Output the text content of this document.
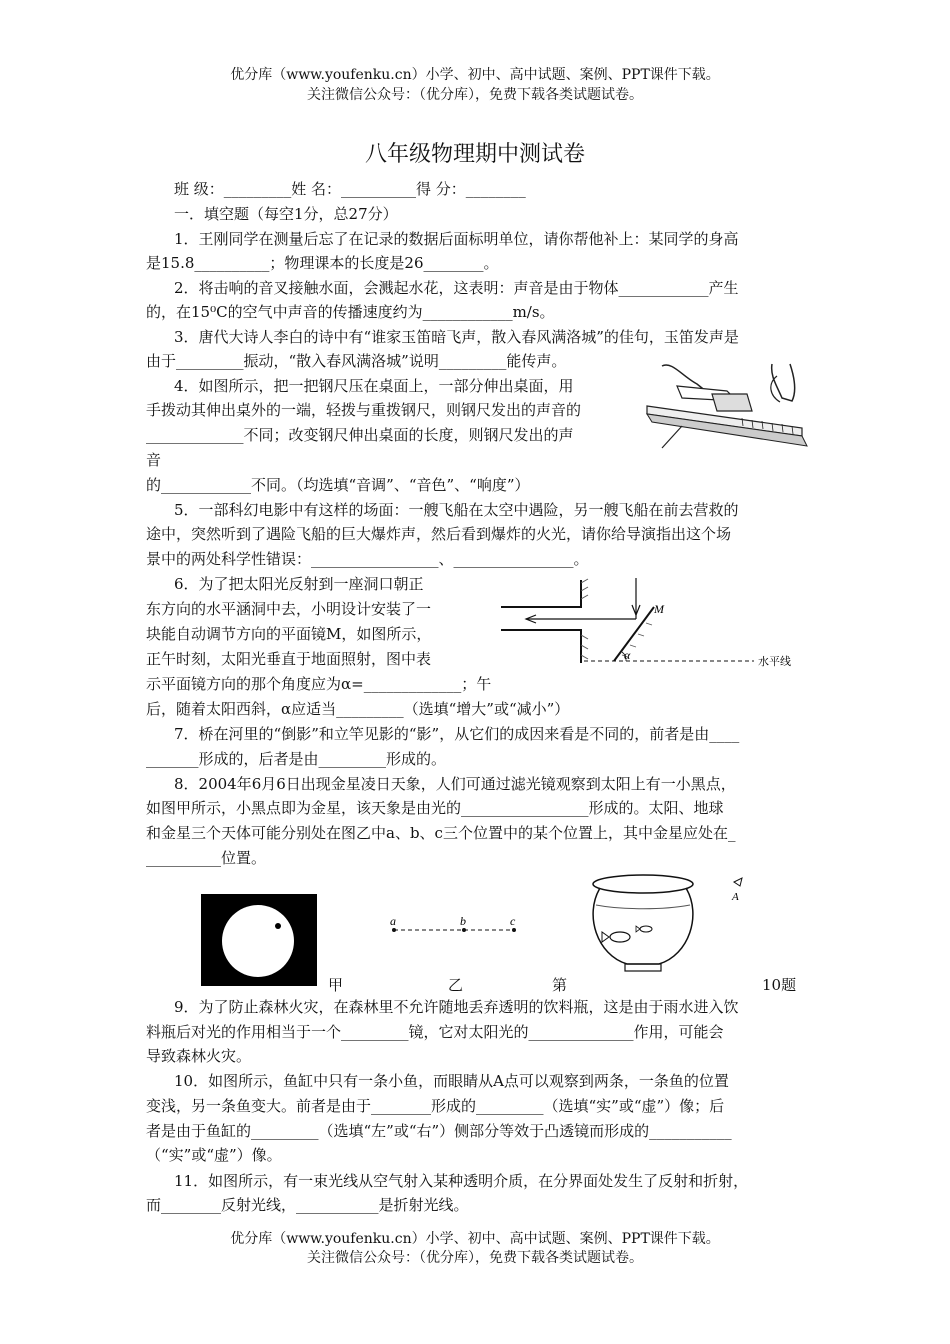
优分库（www.youfenku.cn）小学、初中、高中试题、案例、PPT课件下载。
关注微信公众号：（优分库），免费下载各类试题试卷。
八年级物理期中测试卷
班 级：_________姓 名：__________得 分：________
一．填空题（每空1分，总27分）
1．王刚同学在测量后忘了在记录的数据后面标明单位，请你帮他补上：某同学的身高
是15.8__________；物理课本的长度是26________。
2．将击响的音叉接触水面，会溅起水花，这表明：声音是由于物体____________产生
的，在15⁰C的空气中声音的传播速度约为____________m/s。
3．唐代大诗人李白的诗中有“谁家玉笛暗飞声，散入春风满洛城”的佳句，玉笛发声是
由于_________振动，“散入春风满洛城”说明_________能传声。
4．如图所示，把一把钢尺压在桌面上，一部分伸出桌面，用
手拨动其伸出桌外的一端，轻拨与重拨钢尺，则钢尺发出的声音的
_____________不同；改变钢尺伸出桌面的长度，则钢尺发出的声
音
的____________不同。（均选填“音调”、“音色”、“响度”）
5．一部科幻电影中有这样的场面：一艘飞船在太空中遇险，另一艘飞船在前去营救的
途中，突然听到了遇险飞船的巨大爆炸声，然后看到爆炸的火光，请你给导演指出这个场
景中的两处科学性错误：_________________、________________。
6．为了把太阳光反射到一座洞口朝正
东方向的水平涵洞中去，小明设计安装了一
块能自动调节方向的平面镜M，如图所示，
正午时刻，太阳光垂直于地面照射，图中表
示平面镜方向的那个角度应为α=_____________；午
后，随着太阳西斜，α应适当_________（选填“增大”或“减小”）
M
α	水平线
7．桥在河里的“倒影”和立竿见影的“影”，从它们的成因来看是不同的，前者是由____
_______形成的，后者是由_________形成的。
8．2004年6月6日出现金星凌日天象，人们可通过滤光镜观察到太阳上有一小黑点，
如图甲所示，小黑点即为金星，该天象是由光的_________________形成的。太阳、地球
和金星三个天体可能分别处在图乙中a、b、c三个位置中的某个位置上，其中金星应处在_
__________位置。
a	b	c
A
甲	乙	第	10题
9．为了防止森林火灾，在森林里不允许随地丢弃透明的饮料瓶，这是由于雨水进入饮
料瓶后对光的作用相当于一个_________镜，它对太阳光的______________作用，可能会
导致森林火灾。
10．如图所示，鱼缸中只有一条小鱼，而眼睛从A点可以观察到两条，一条鱼的位置
变浅，另一条鱼变大。前者是由于________形成的_________（选填“实”或“虚”）像；后
者是由于鱼缸的_________（选填“左”或“右”）侧部分等效于凸透镜而形成的___________
（“实”或“虚”）像。
11．如图所示，有一束光线从空气射入某种透明介质，在分界面处发生了反射和折射，
而________反射光线，___________是折射光线。
优分库（www.youfenku.cn）小学、初中、高中试题、案例、PPT课件下载。
关注微信公众号：（优分库），免费下载各类试题试卷。
